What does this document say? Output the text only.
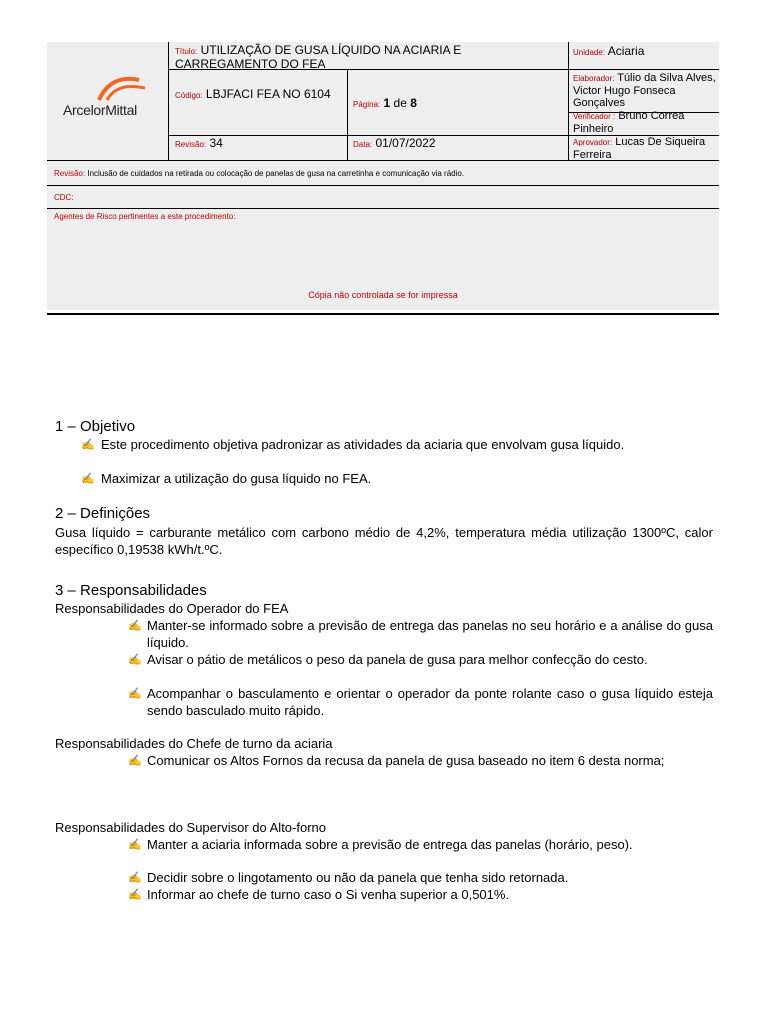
ArcelorMittal
Título: UTILIZAÇÃO DE GUSA LÍQUIDO NA ACIARIA E CARREGAMENTO DO FEA
Unidade: Aciaria
Código: LBJFACI FEA NO 6104
Página: 1 de 8
Elaborador: Túlio da Silva Alves, Victor Hugo Fonseca Gonçalves
Verificador : Bruno Correa Pinheiro
Revisão: 34	Data: 01/07/2022	Aprovador: Lucas De Siqueira Ferreira
Revisão: Inclusão de cuidados na retirada ou colocação de panelas de gusa na carretinha e comunicação via rádio.
CDC:
Agentes de Risco pertinentes a este procedimento:
Cópia não controlada se for impressa
1 – Objetivo
✍ Este procedimento objetiva padronizar as atividades da aciaria que envolvam gusa líquido.
✍ Maximizar a utilização do gusa líquido no FEA.
2 – Definições

Gusa líquido = carburante metálico com carbono médio de 4,2%, temperatura média utilização 1300ºC, calor específico 0,19538 kWh/t.ºC.

3 – Responsabilidades
Responsabilidades do Operador do FEA
✍ Manter-se informado sobre a previsão de entrega das panelas no seu horário e a análise do gusa líquido.
✍ Avisar o pátio de metálicos o peso da panela de gusa para melhor confecção do cesto.
✍ Acompanhar o basculamento e orientar o operador da ponte rolante caso o gusa líquido esteja sendo basculado muito rápido.
Responsabilidades do Chefe de turno da aciaria
✍ Comunicar os Altos Fornos da recusa da panela de gusa baseado no item 6 desta norma;
Responsabilidades do Supervisor do Alto-forno
✍ Manter a aciaria informada sobre a previsão de entrega das panelas (horário, peso).
✍ Decidir sobre o lingotamento ou não da panela que tenha sido retornada.
✍ Informar ao chefe de turno caso o Si venha superior a 0,501%.
